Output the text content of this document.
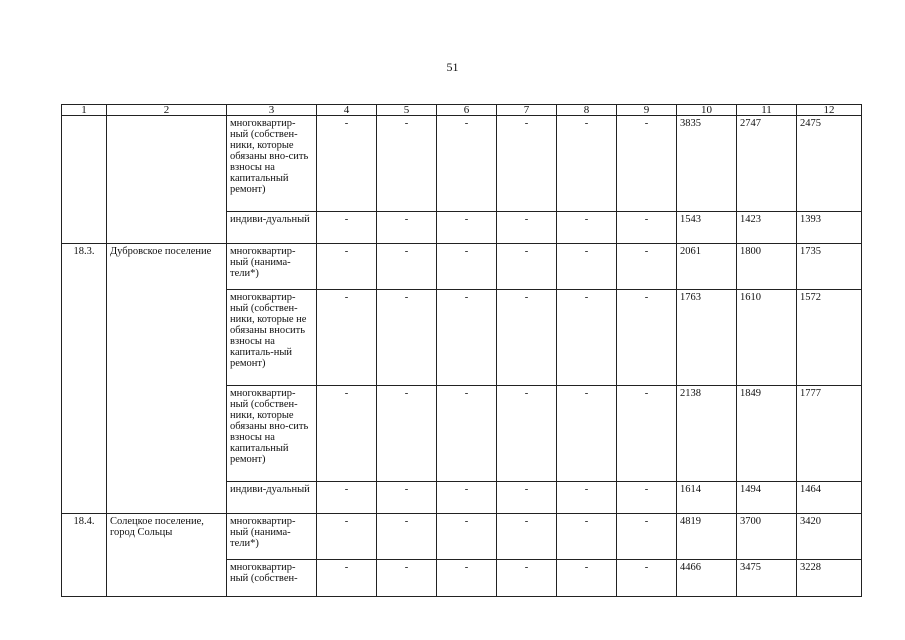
51
1	2	3	4	5	6	7	8	9	10	11	12
		многоквартир-ный (собствен-ники, которые обязаны вно-сить взносы на капитальный ремонт)	-	-	-	-	-	-	3835	2747	2475
		индиви-дуальный	-	-	-	-	-	-	1543	1423	1393
18.3.	Дубровское поселение	многоквартир-ный (нанима-тели*)	-	-	-	-	-	-	2061	1800	1735
		многоквартир-ный (собствен-ники, которые не обязаны вносить взносы на капиталь-ный ремонт)	-	-	-	-	-	-	1763	1610	1572
		многоквартир-ный (собствен-ники, которые обязаны вно-сить взносы на капитальный ремонт)	-	-	-	-	-	-	2138	1849	1777
		индиви-дуальный	-	-	-	-	-	-	1614	1494	1464
18.4.	Солецкое поселение, город Сольцы	многоквартир-ный (нанима-тели*)	-	-	-	-	-	-	4819	3700	3420
		многоквартир-ный (собствен-	-	-	-	-	-	-	4466	3475	3228
